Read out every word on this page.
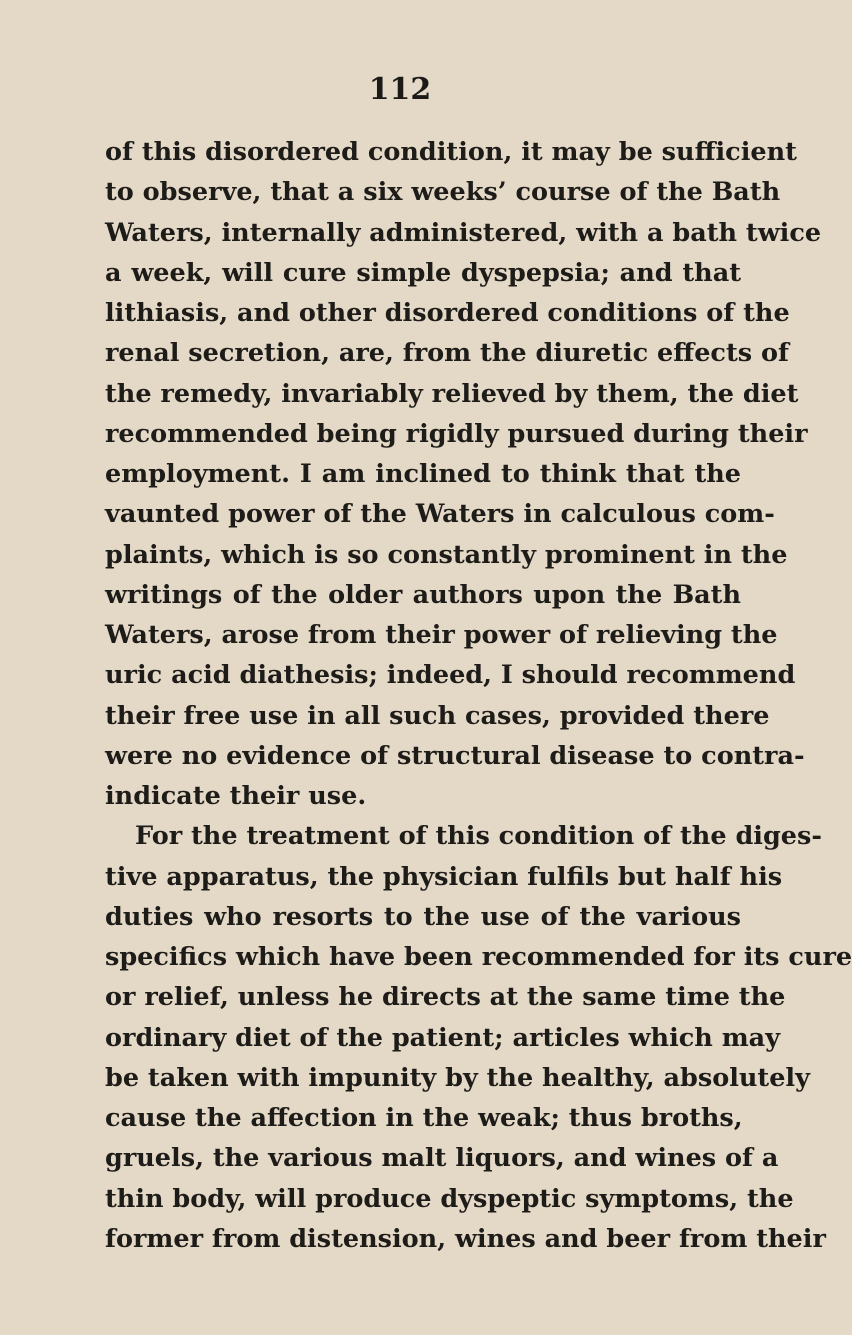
112
of this disordered condition, it may be sufficient
to observe, that a six weeks’ course of the Bath
Waters, internally administered, with a bath twice
a week, will cure simple dyspepsia; and that
lithiasis, and other disordered conditions of the
renal secretion, are, from the diuretic effects of
the remedy, invariably relieved by them, the diet
recommended being rigidly pursued during their
employment. I am inclined to think that the
vaunted power of the Waters in calculous com-
plaints, which is so constantly prominent in the
writings of the older authors upon the Bath
Waters, arose from their power of relieving the
uric acid diathesis; indeed, I should recommend
their free use in all such cases, provided there
were no evidence of structural disease to contra-
indicate their use.
For the treatment of this condition of the diges-
tive apparatus, the physician fulfils but half his
duties who resorts to the use of the various
specifics which have been recommended for its cure
or relief, unless he directs at the same time the
ordinary diet of the patient; articles which may
be taken with impunity by the healthy, absolutely
cause the affection in the weak; thus broths,
gruels, the various malt liquors, and wines of a
thin body, will produce dyspeptic symptoms, the
former from distension, wines and beer from their
